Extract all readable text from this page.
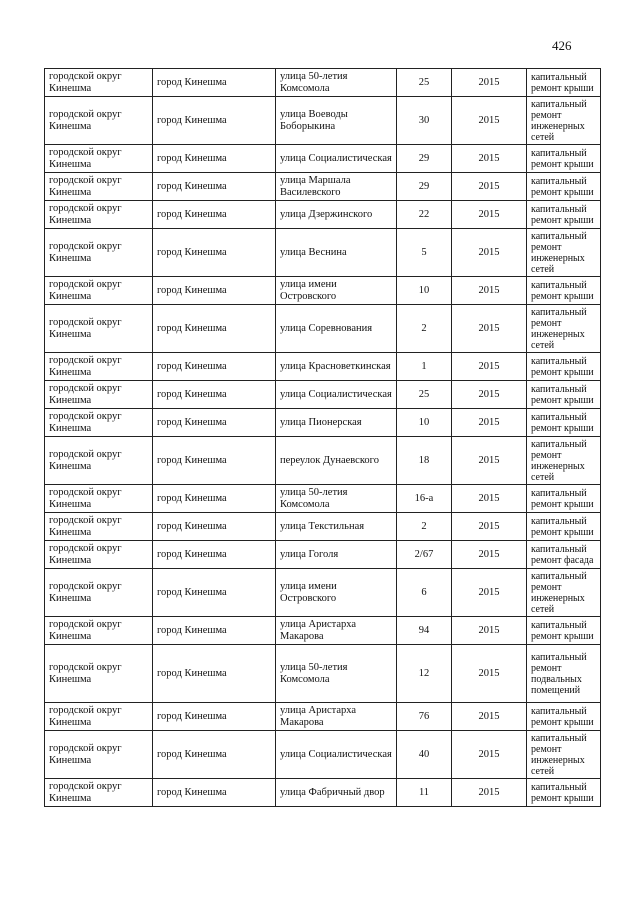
426
городской округ Кинешма	город Кинешма	улица 50-летия Комсомола	25	2015	капитальный ремонт крыши
городской округ Кинешма	город Кинешма	улица Воеводы Боборыкина	30	2015	капитальный ремонт инженерных сетей
городской округ Кинешма	город Кинешма	улица Социалистическая	29	2015	капитальный ремонт крыши
городской округ Кинешма	город Кинешма	улица Маршала Василевского	29	2015	капитальный ремонт крыши
городской округ Кинешма	город Кинешма	улица Дзержинского	22	2015	капитальный ремонт крыши
городской округ Кинешма	город Кинешма	улица Веснина	5	2015	капитальный ремонт инженерных сетей
городской округ Кинешма	город Кинешма	улица имени Островского	10	2015	капитальный ремонт крыши
городской округ Кинешма	город Кинешма	улица Соревнования	2	2015	капитальный ремонт инженерных сетей
городской округ Кинешма	город Кинешма	улица Красноветкинская	1	2015	капитальный ремонт крыши
городской округ Кинешма	город Кинешма	улица Социалистическая	25	2015	капитальный ремонт крыши
городской округ Кинешма	город Кинешма	улица Пионерская	10	2015	капитальный ремонт крыши
городской округ Кинешма	город Кинешма	переулок Дунаевского	18	2015	капитальный ремонт инженерных сетей
городской округ Кинешма	город Кинешма	улица 50-летия Комсомола	16-а	2015	капитальный ремонт крыши
городской округ Кинешма	город Кинешма	улица Текстильная	2	2015	капитальный ремонт крыши
городской округ Кинешма	город Кинешма	улица Гоголя	2/67	2015	капитальный ремонт фасада
городской округ Кинешма	город Кинешма	улица имени Островского	6	2015	капитальный ремонт инженерных сетей
городской округ Кинешма	город Кинешма	улица Аристарха Макарова	94	2015	капитальный ремонт крыши
городской округ Кинешма	город Кинешма	улица 50-летия Комсомола	12	2015	капитальный ремонт подвальных помещений
городской округ Кинешма	город Кинешма	улица Аристарха Макарова	76	2015	капитальный ремонт крыши
городской округ Кинешма	город Кинешма	улица Социалистическая	40	2015	капитальный ремонт инженерных сетей
городской округ Кинешма	город Кинешма	улица Фабричный двор	11	2015	капитальный ремонт крыши
